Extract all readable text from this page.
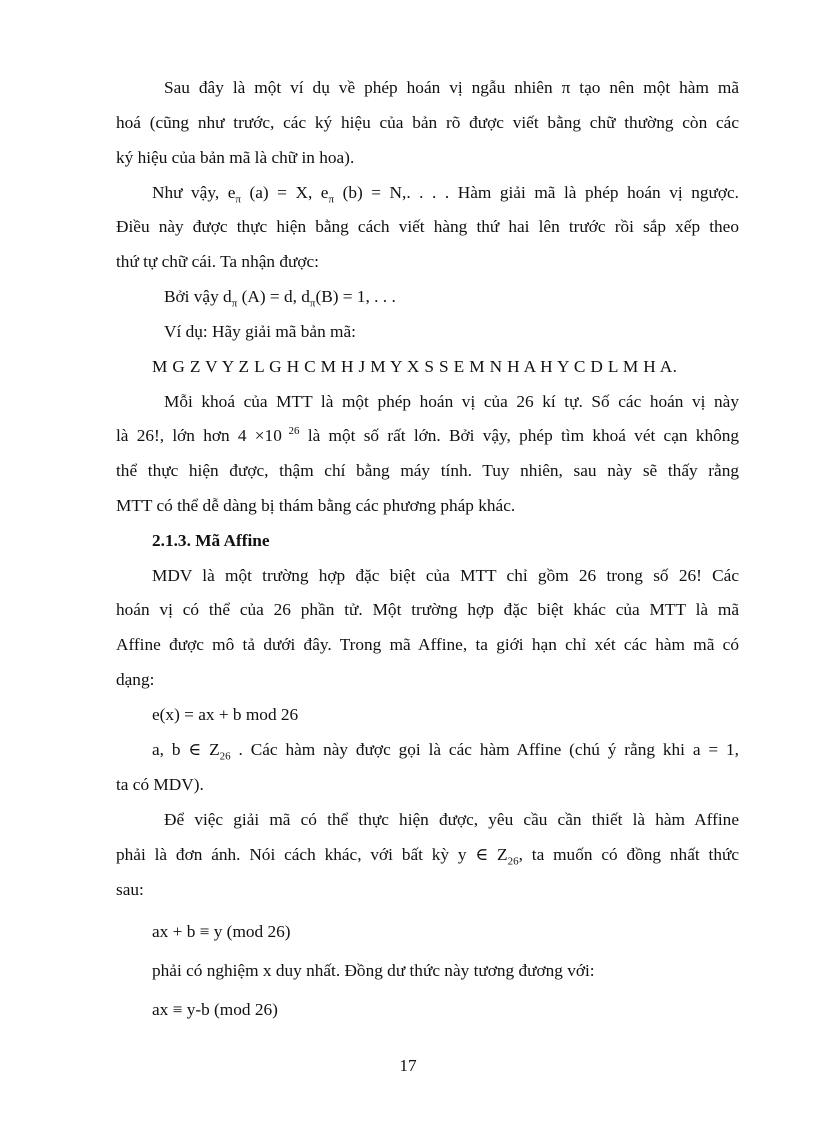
Sau đây là một ví dụ về phép hoán vị ngẫu nhiên π tạo nên một hàm mã
hoá (cũng như trước, các ký hiệu của bản rõ được viết bằng chữ thường còn các
ký hiệu của bản mã là chữ in hoa).
Như vậy, $e_\pi$ (a) = X, $e_\pi$ (b) = N,. . . . Hàm giải mã là phép hoán vị ngược.
Điều này được thực hiện bằng cách viết hàng thứ hai lên trước rồi sắp xếp theo
thứ tự chữ cái. Ta nhận được:
Bởi vậy $d_\pi$ (A) = d, $d_\pi(B) = 1$, . . .
Ví dụ: Hãy giải mã bản mã:
M G Z V Y Z L G H C M H J M Y X S S E M N H A H Y C D L M H A.
Mỗi khoá của MTT là một phép hoán vị của 26 kí tự. Số các hoán vị này
là 26!, lớn hơn 4 ×10 $^{26}$ là một số rất lớn. Bởi vậy, phép tìm khoá vét cạn không
thể thực hiện được, thậm chí bằng máy tính. Tuy nhiên, sau này sẽ thấy rằng
MTT có thể dễ dàng bị thám bằng các phương pháp khác.
2.1.3. Mã Affine
MDV là một trường hợp đặc biệt của MTT chỉ gồm 26 trong số 26! Các
hoán vị có thể của 26 phần tử. Một trường hợp đặc biệt khác của MTT là mã
Affine được mô tả dưới đây. Trong mã Affine, ta giới hạn chỉ xét các hàm mã có
dạng:
e(x) = ax + b mod 26
a, b ∈ $Z_{26}$ . Các hàm này được gọi là các hàm Affine (chú ý rằng khi a = 1,
ta có MDV).
Để việc giải mã có thể thực hiện được, yêu cầu cần thiết là hàm Affine
phải là đơn ánh. Nói cách khác, với bất kỳ y ∈ $Z_{26}$, ta muốn có đồng nhất thức
sau:
ax + b ≡ y (mod 26)
phải có nghiệm x duy nhất. Đồng dư thức này tương đương với:
ax ≡ y-b (mod 26)
17
